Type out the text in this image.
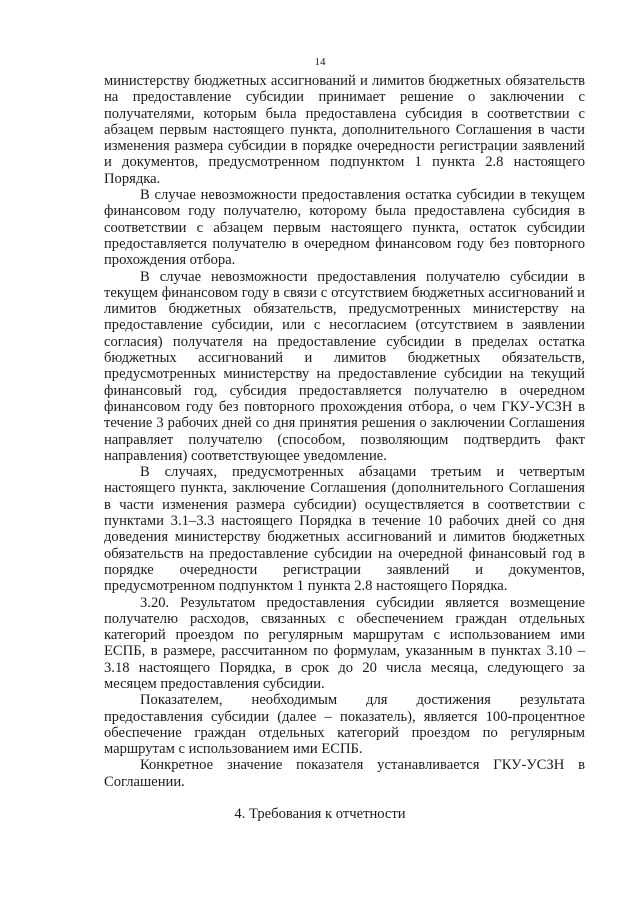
14

министерству бюджетных ассигнований и лимитов бюджетных обязательств на предоставление субсидии принимает решение о заключении с получателями, которым была предоставлена субсидия в соответствии с абзацем первым настоящего пункта, дополнительного Соглашения в части изменения размера субсидии в порядке очередности регистрации заявлений и документов, предусмотренном подпунктом 1 пункта 2.8 настоящего Порядка.

В случае невозможности предоставления остатка субсидии в текущем финансовом году получателю, которому была предоставлена субсидия в соответствии с абзацем первым настоящего пункта, остаток субсидии предоставляется получателю в очередном финансовом году без повторного прохождения отбора.

В случае невозможности предоставления получателю субсидии в текущем финансовом году в связи с отсутствием бюджетных ассигнований и лимитов бюджетных обязательств, предусмотренных министерству на предоставление субсидии, или с несогласием (отсутствием в заявлении согласия) получателя на предоставление субсидии в пределах остатка бюджетных ассигнований и лимитов бюджетных обязательств, предусмотренных министерству на предоставление субсидии на текущий финансовый год, субсидия предоставляется получателю в очередном финансовом году без повторного прохождения отбора, о чем ГКУ-УСЗН в течение 3 рабочих дней со дня принятия решения о заключении Соглашения направляет получателю (способом, позволяющим подтвердить факт направления) соответствующее уведомление.

В случаях, предусмотренных абзацами третьим и четвертым настоящего пункта, заключение Соглашения (дополнительного Соглашения в части изменения размера субсидии) осуществляется в соответствии с пунктами 3.1–3.3 настоящего Порядка в течение 10 рабочих дней со дня доведения министерству бюджетных ассигнований и лимитов бюджетных обязательств на предоставление субсидии на очередной финансовый год в порядке очередности регистрации заявлений и документов, предусмотренном подпунктом 1 пункта 2.8 настоящего Порядка.

3.20. Результатом предоставления субсидии является возмещение получателю расходов, связанных с обеспечением граждан отдельных категорий проездом по регулярным маршрутам с использованием ими ЕСПБ, в размере, рассчитанном по формулам, указанным в пунктах 3.10 – 3.18 настоящего Порядка, в срок до 20 числа месяца, следующего за месяцем предоставления субсидии.

Показателем, необходимым для достижения результата предоставления субсидии (далее – показатель), является 100-процентное обеспечение граждан отдельных категорий проездом по регулярным маршрутам с использованием ими ЕСПБ.

Конкретное значение показателя устанавливается ГКУ-УСЗН в Соглашении.

4. Требования к отчетности
